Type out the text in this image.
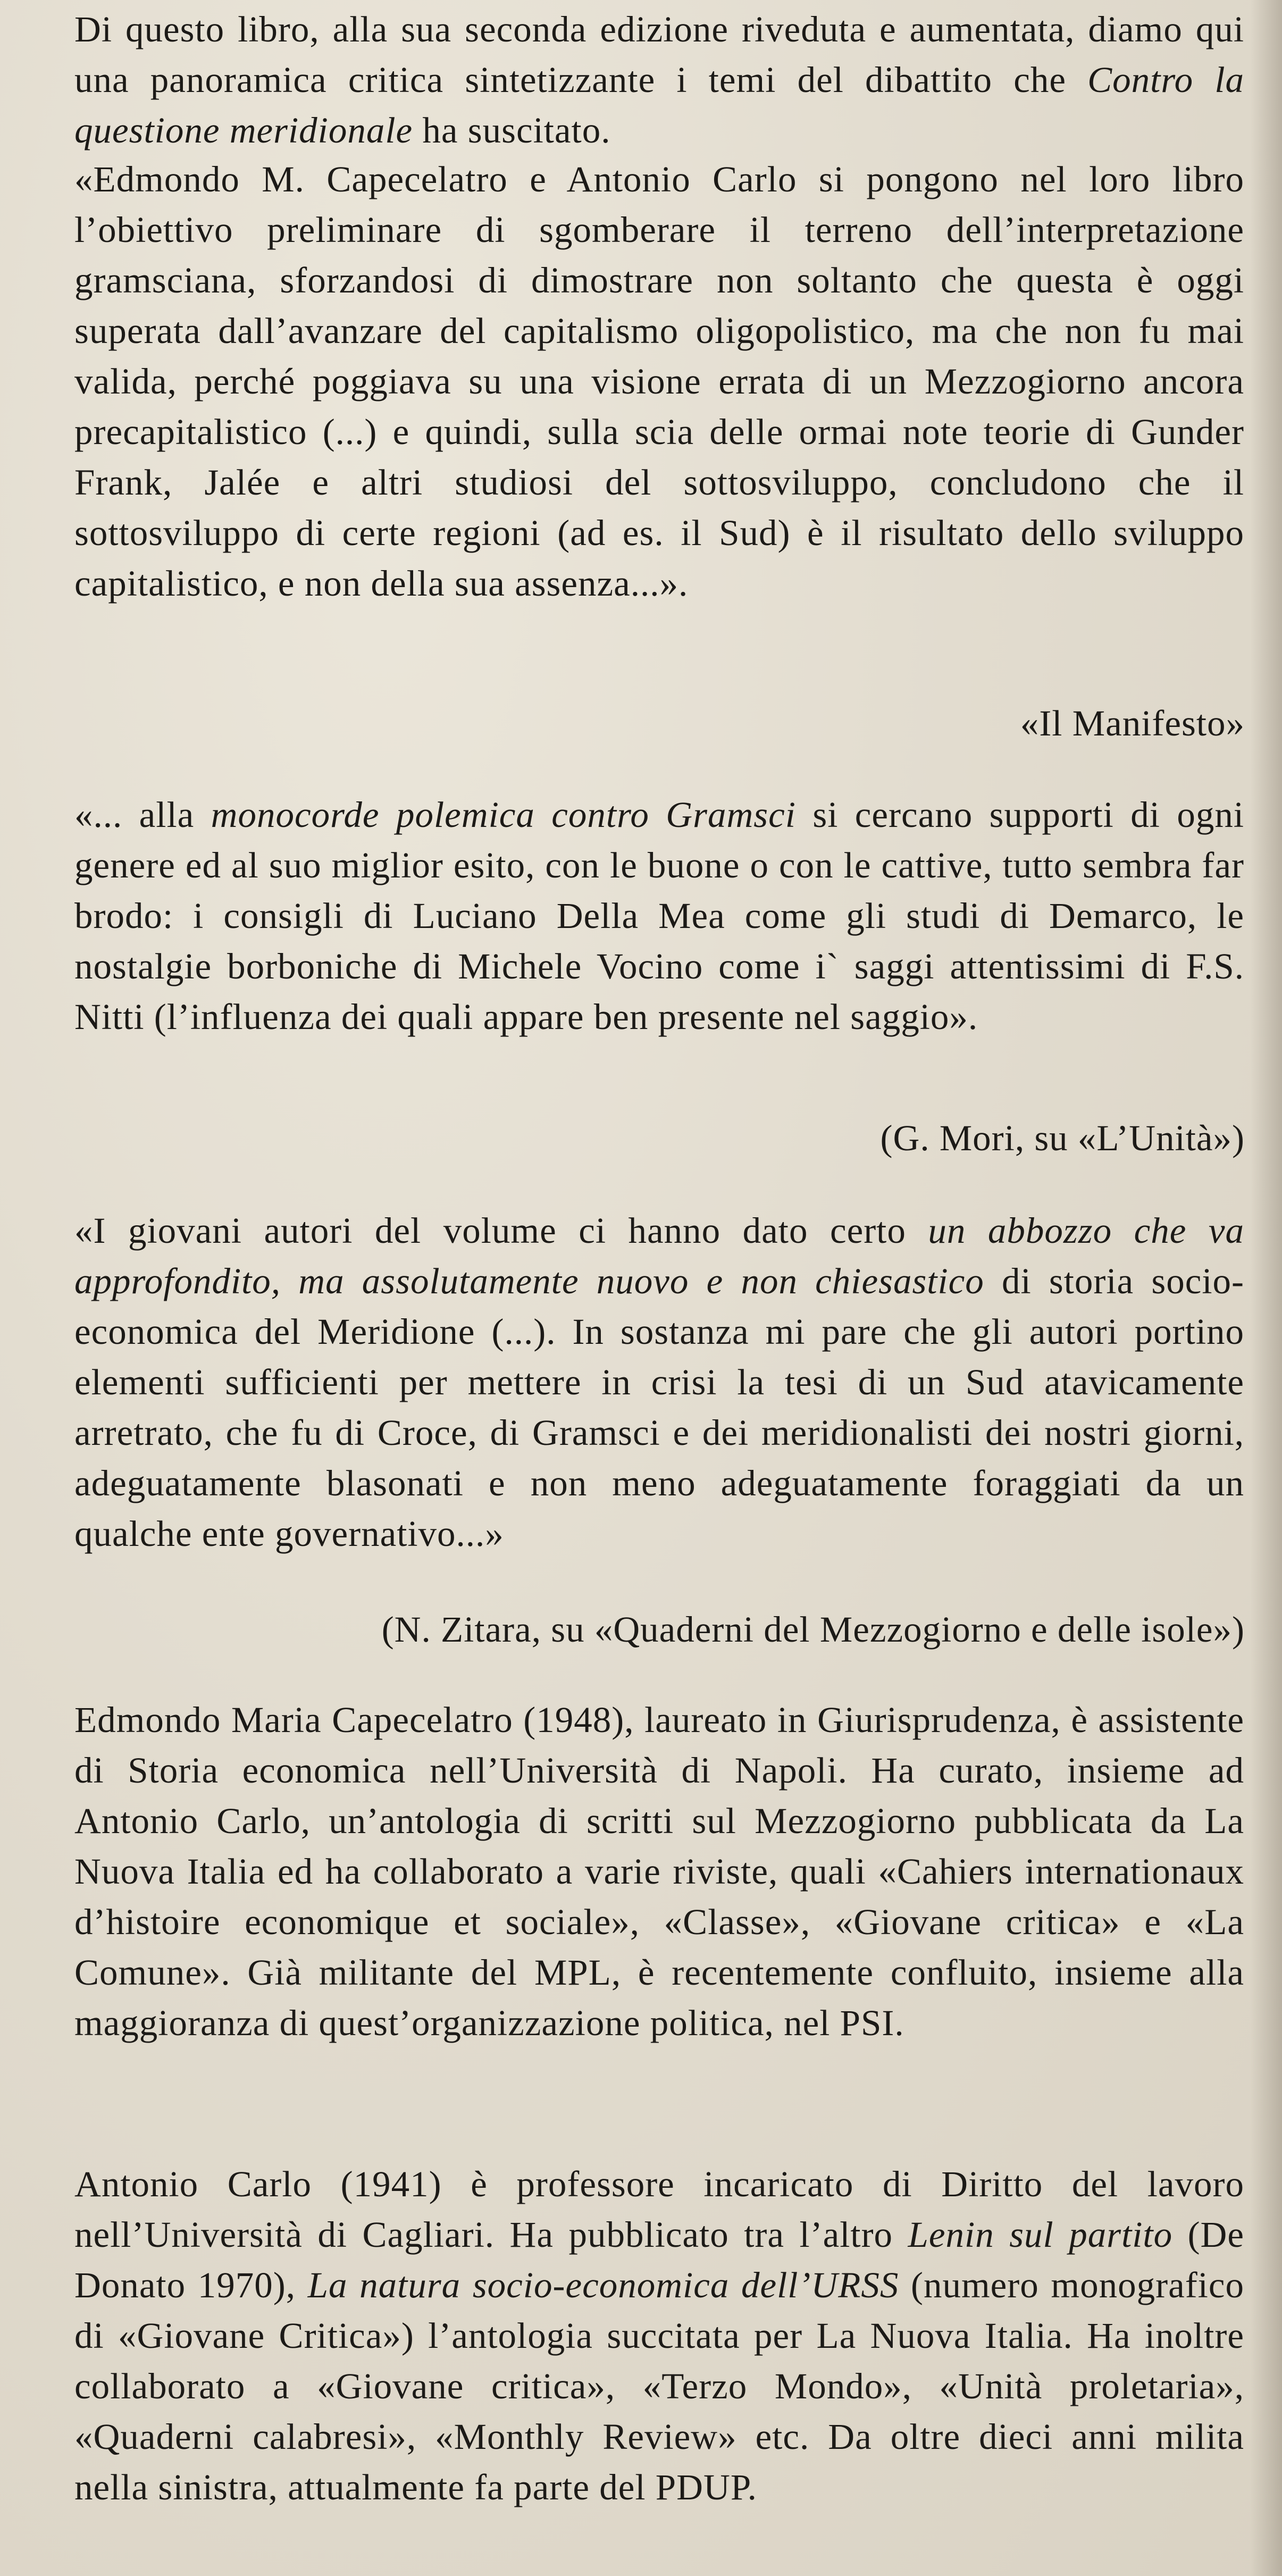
Di questo libro, alla sua seconda edizione riveduta e aumentata, diamo qui una panoramica critica sintetizzante i temi del dibattito che Contro la questione meridionale ha suscitato.

«Edmondo M. Capecelatro e Antonio Carlo si pongono nel loro libro l’obiettivo preliminare di sgomberare il terreno dell’interpretazione gramsciana, sforzandosi di dimostrare non soltanto che questa è oggi superata dall’avanzare del capitalismo oligopolistico, ma che non fu mai valida, perché poggiava su una visione errata di un Mezzogiorno ancora precapitalistico (...) e quindi, sulla scia delle ormai note teorie di Gunder Frank, Jalée e altri studiosi del sottosviluppo, concludono che il sottosviluppo di certe regioni (ad es. il Sud) è il risultato dello sviluppo capitalistico, e non della sua assenza...».

«Il Manifesto»

«... alla monocorde polemica contro Gramsci si cercano supporti di ogni genere ed al suo miglior esito, con le buone o con le cattive, tutto sembra far brodo: i consigli di Luciano Della Mea come gli studi di Demarco, le nostalgie borboniche di Michele Vocino come i` saggi attentissimi di F.S. Nitti (l’influenza dei quali appare ben presente nel saggio».

(G. Mori, su «L’Unità»)

«I giovani autori del volume ci hanno dato certo un abbozzo che va approfondito, ma assolutamente nuovo e non chiesastico di storia socio-economica del Meridione (...). In sostanza mi pare che gli autori portino elementi sufficienti per mettere in crisi la tesi di un Sud atavicamente arretrato, che fu di Croce, di Gramsci e dei meridionalisti dei nostri giorni, adeguatamente blasonati e non meno adeguatamente foraggiati da un qualche ente governativo...»

(N. Zitara, su «Quaderni del Mezzogiorno e delle isole»)

Edmondo Maria Capecelatro (1948), laureato in Giurisprudenza, è assistente di Storia economica nell’Università di Napoli. Ha curato, insieme ad Antonio Carlo, un’antologia di scritti sul Mezzogiorno pubblicata da La Nuova Italia ed ha collaborato a varie riviste, quali «Cahiers internationaux d’histoire economique et sociale», «Classe», «Giovane critica» e «La Comune». Già militante del MPL, è recentemente confluito, insieme alla maggioranza di quest’organizzazione politica, nel PSI.

Antonio Carlo (1941) è professore incaricato di Diritto del lavoro nell’Università di Cagliari. Ha pubblicato tra l’altro Lenin sul partito (De Donato 1970), La natura socio-economica dell’URSS (numero monografico di «Giovane Critica») l’antologia succitata per La Nuova Italia. Ha inoltre collaborato a «Giovane critica», «Terzo Mondo», «Unità proletaria», «Quaderni calabresi», «Monthly Review» etc. Da oltre dieci anni milita nella sinistra, attualmente fa parte del PDUP.
